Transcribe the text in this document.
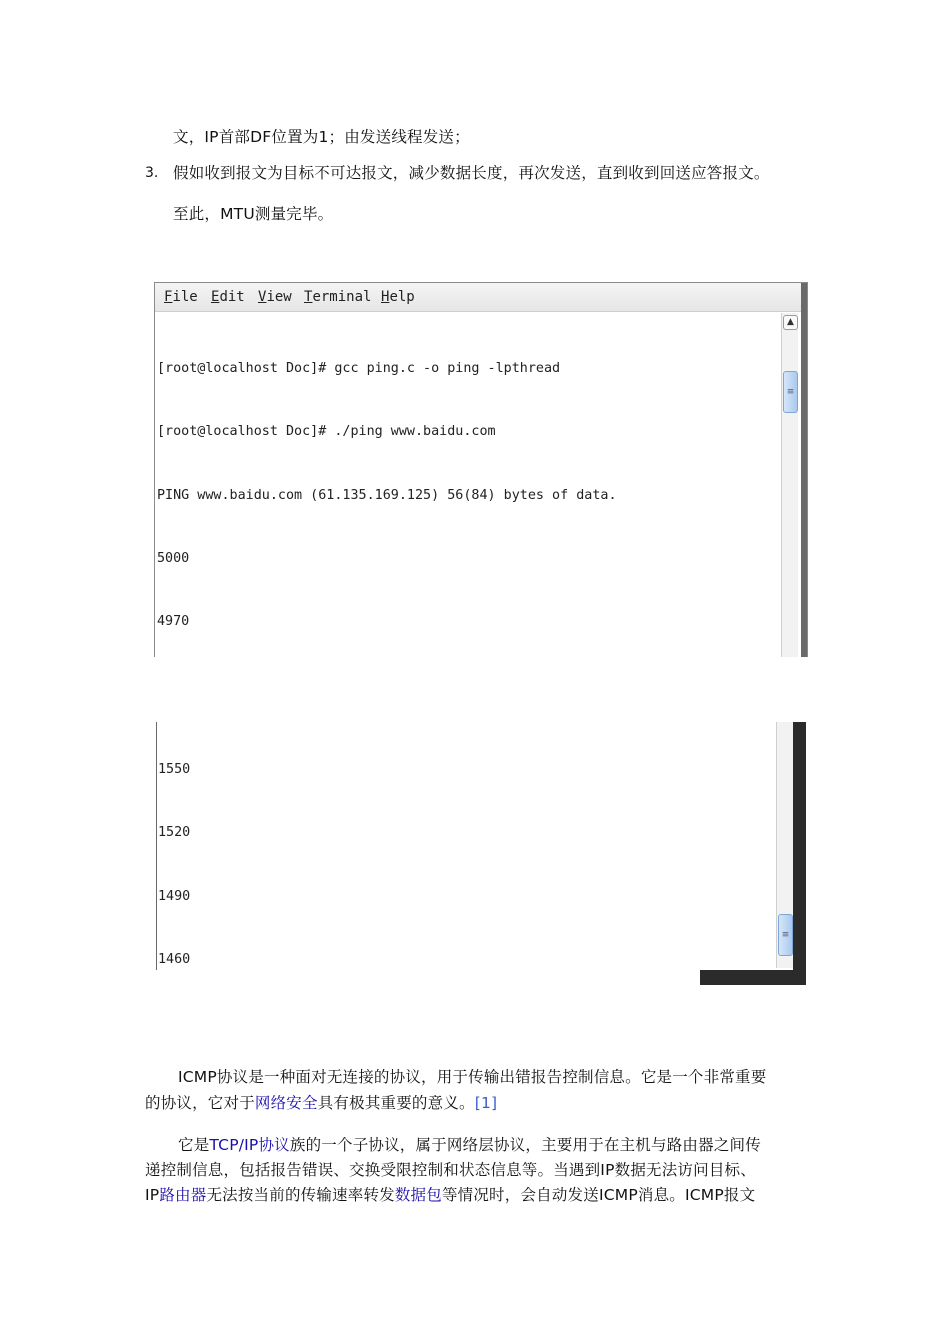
文，IP首部DF位置为1；由发送线程发送；
3. 假如收到报文为目标不可达报文，减少数据长度，再次发送，直到收到回送应答报文。
至此，MTU测量完毕。
File Edit View Terminal Help

[root@localhost Doc]# gcc ping.c -o ping -lpthread

[root@localhost Doc]# ./ping www.baidu.com

PING www.baidu.com (61.135.169.125) 56(84) bytes of data.

5000

4970

▲
≡

1550

1520

1490

1460

≡
ICMP协议是一种面对无连接的协议，用于传输出错报告控制信息。它是一个非常重要
的协议，它对于网络安全具有极其重要的意义。[1]
它是TCP/IP协议族的一个子协议，属于网络层协议，主要用于在主机与路由器之间传
递控制信息，包括报告错误、交换受限控制和状态信息等。当遇到IP数据无法访问目标、
IP路由器无法按当前的传输速率转发数据包等情况时，会自动发送ICMP消息。ICMP报文
